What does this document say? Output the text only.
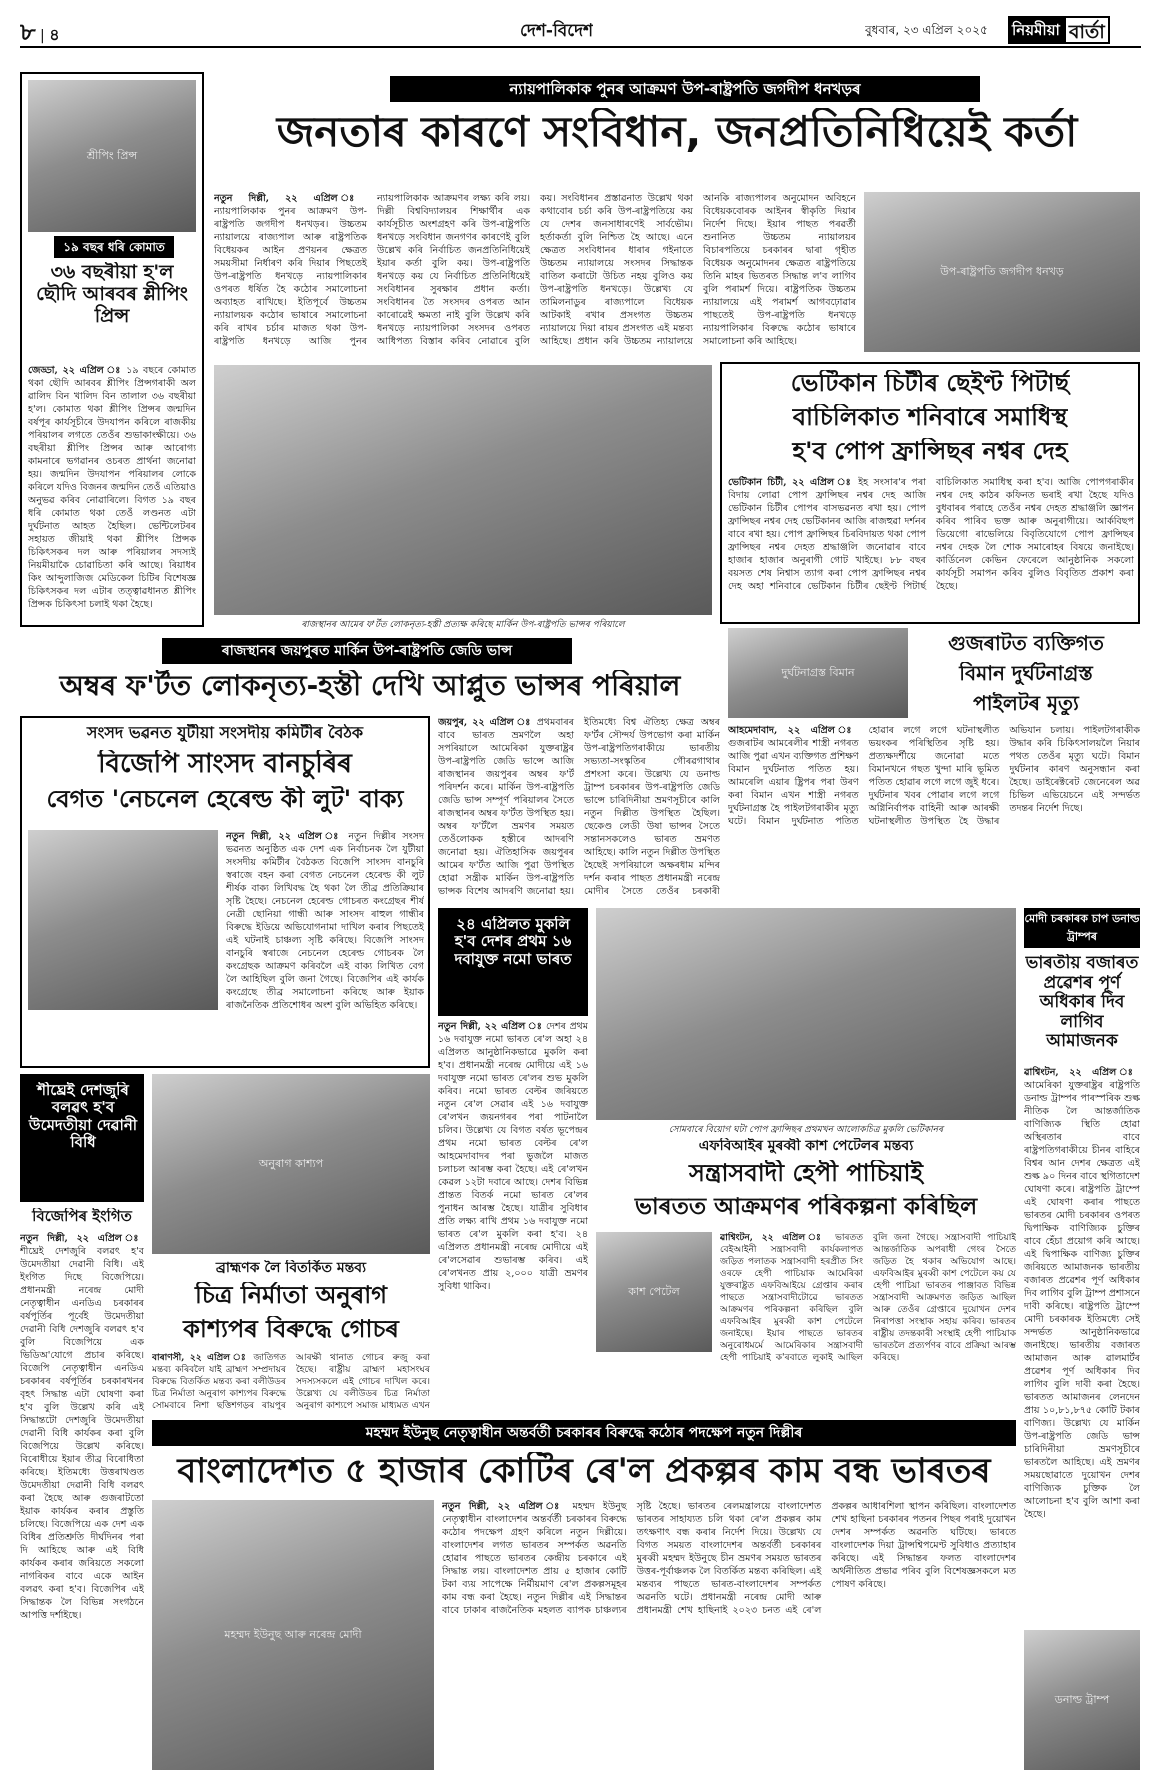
৮ | ৪	দেশ-বিদেশ	বুধবাৰ, ২৩ এপ্ৰিল ২০২৫ নিয়মীয়া বাৰ্তা
শ্ৰীপিং প্ৰিন্স
১৯ বছৰ ধৰি কোমাত
৩৬ বছৰীয়া হ'ল ছৌদি আৰবৰ শ্লীপিং প্ৰিন্স
জেড্ডা, ২২ এপ্ৰিল ঃ ১৯ বছৰে কোমাত থকা ছৌদি আৰবৰ শ্লীপিং প্ৰিন্সগৰাকী অল ৱালিদ বিন খালিদ বিন তালাল ৩৬ বছৰীয়া হ'ল। কোমাত থকা শ্লীপিং প্ৰিন্সৰ জন্মদিন বৰ্ষপূৰ কাৰ্যসূচীৰে উদযাপন কৰিলে ৰাজকীয় পৰিয়ালৰ লগতে তেওঁৰ শুভাকাংক্ষীয়ে। ৩৬ বছৰীয়া শ্লীপিং প্ৰিন্সৰ আৰু আৰোগ্য কামনাৰে ভগৱানৰ ওচৰত প্ৰাৰ্থনা জনোৱা হয়। জন্মদিন উদযাপন পৰিয়ালৰ লোকে কৰিলে যদিও বিজনৰ জন্মদিন তেওঁ এতিয়াও অনুভৱ কৰিব নোৱাৰিলে। বিগত ১৯ বছৰ ধৰি কোমাত থকা তেওঁ লণ্ডনত এটা দুৰ্ঘটনাত আহত হৈছিল। ভেন্টিলেটৰৰ সহায়ত জীয়াই থকা শ্লীপিং প্ৰিন্সক চিকিৎসকৰ দল আৰু পৰিয়ালৰ সদস্যই নিয়মীয়াকৈ চোৱাচিতা কৰি আছে। ৰিয়াধৰ কিং আব্দুলাজিজ মেডিকেল চিটিৰ বিশেষজ্ঞ চিকিৎসকৰ দল এটাৰ তত্ত্বাৱধানত শ্লীপিং প্ৰিন্সক চিকিৎসা চলাই থকা হৈছে।
ন্যায়পালিকাক পুনৰ আক্ৰমণ উপ-ৰাষ্ট্ৰপতি জগদীপ ধনখড়ৰ
জনতাৰ কাৰণে সংবিধান, জনপ্ৰতিনিধিয়েই কৰ্তা
নতুন দিল্লী, ২২ এপ্ৰিল ঃ ন্যায়পালিকাক পুনৰ আক্ৰমণ উপ-ৰাষ্ট্ৰপতি জগদীপ ধনখড়ৰ। উচ্চতম ন্যায়ালয়ে ৰাজ্যপাল আৰু ৰাষ্ট্ৰপতিক বিধেয়কৰ আইন প্ৰণয়নৰ ক্ষেত্ৰত সময়সীমা নিৰ্ধাৰণ কৰি দিয়াৰ পিছতেই উপ-ৰাষ্ট্ৰপতি ধনখড়ে ন্যায়পালিকাৰ ওপৰত ধৰ্ষিত হৈ কঠোৰ সমালোচনা অব্যাহত ৰাখিছে। ইতিপূৰ্বে উচ্চতম ন্যায়ালয়ক কঠোৰ ভাষাৰে সমালোচনা কৰি ৰাখৰ চৰ্চাৰ মাজত থকা উপ-ৰাষ্ট্ৰপতি ধনখড়ে আজি পুনৰ ন্যায়পালিকাক আক্ৰমণৰ লক্ষ্য কৰি লয়। দিল্লী বিশ্ববিদ্যালয়ৰ শিক্ষাৰ্থীৰ এক কাৰ্যসূচীত অংশগ্ৰহণ কৰি উপ-ৰাষ্ট্ৰপতি ধনখড়ে সংবিধান জনগণৰ কাৰণেই বুলি উল্লেখ কৰি নিৰ্বাচিত জনপ্ৰতিনিধিয়েই ইয়াৰ কৰ্তা বুলি কয়। উপ-ৰাষ্ট্ৰপতি ধনখড়ে কয় যে নিৰ্বাচিত প্ৰতিনিধিয়েই সংবিধানৰ সুৰক্ষাৰ প্ৰধান কৰ্তা। সংবিধানৰ তৈ সংসদৰ ওপৰত আন কাৰোৱেই ক্ষমতা নাই বুলি উল্লেখ কৰি ধনখড়ে ন্যায়পালিকা সংসদৰ ওপৰত আধিপত্য বিস্তাৰ কৰিব নোৱাৰে বুলি কয়। সংবিধানৰ প্ৰস্তাৱনাত উল্লেখ থকা কথাবোৰ চৰ্চা কৰি উপ-ৰাষ্ট্ৰপতিয়ে কয় যে দেশৰ জনসাধাৰণেই সাৰ্বভৌম। হৰ্তাকৰ্তা বুলি নিশ্চিত হৈ আছে। এনে ক্ষেত্ৰত সংবিধানৰ ধাৰাৰ গইনাতে উচ্চতম ন্যায়ালয়ে সংসদৰ সিদ্ধান্তক বাতিল কৰাটো উচিত নহয় বুলিও কয় উপ-ৰাষ্ট্ৰপতি ধনখড়ে। উল্লেখ্য যে তামিলনাডুৰ ৰাজ্যপালে বিধেয়ক আটকাই ৰখাৰ প্ৰসংগত উচ্চতম ন্যায়ালয়ে দিয়া ৰায়ৰ প্ৰসংগত এই মন্তব্য আহিছে। প্ৰধান কৰি উচ্চতম ন্যায়ালয়ে আনকি ৰাজ্যপালৰ অনুমোদন অবিহনে বিধেয়কবোৰক আইনৰ স্বীকৃতি দিয়াৰ নিৰ্দেশ দিছে। ইয়াৰ পাছত পৰৱৰ্তী শুনানিত উচ্চতম ন্যায়ালয়ৰ বিচাৰপতিয়ে চৰকাৰৰ দ্বাৰা গৃহীত বিধেয়ক অনুমোদনৰ ক্ষেত্ৰত ৰাষ্ট্ৰপতিয়ে তিনি মাহৰ ভিতৰত সিদ্ধান্ত ল'ব লাগিব বুলি পৰামৰ্শ দিয়ে। ৰাষ্ট্ৰপতিক উচ্চতম ন্যায়ালয়ে এই পৰামৰ্শ আগবঢ়োৱাৰ পাছতেই উপ-ৰাষ্ট্ৰপতি ধনখড়ে ন্যায়পালিকাৰ বিৰুদ্ধে কঠোৰ ভাষাৰে সমালোচনা কৰি আহিছে।
উপ-ৰাষ্ট্ৰপতি জগদীপ ধনখড়
ৰাজস্থানৰ আমেৰ ফ'ৰ্টত লোকনৃত্য-হস্তী প্ৰত্যক্ষ কৰিছে মাৰ্কিন উপ-ৰাষ্ট্ৰপতি ভান্সৰ পৰিয়ালে
ভেটিকান চিটীৰ ছেইণ্ট পিটাৰ্ছ
বাচিলিকাত শনিবাৰে সমাধিস্থ
হ'ব পোপ ফ্ৰান্সিছৰ নশ্বৰ দেহ
ভেটিকান চিটী, ২২ এপ্ৰিল ঃ ইহ সংসাৰ'ৰ পৰা বিদায় লোৱা পোপ ফ্ৰান্সিছৰ নশ্বৰ দেহ আজি ভেটিকান চিটীৰ পোপৰ বাসভৱনত ৰখা হয়। পোপ ফ্ৰান্সিছৰ নশ্বৰ দেহ ভেটিকানৰ আজি ৰাজহুৱা দৰ্শনৰ বাবে ৰখা হয়। পোপ ফ্ৰান্সিছৰ চিৰবিদায়ত থকা পোপ ফ্ৰান্সিছৰ নশ্বৰ দেহত শ্ৰদ্ধাঞ্জলি জনোৱাৰ বাবে হাজাৰ হাজাৰ অনুৰাগী গোট খাইছে। ৮৮ বছৰ বয়সত শেষ নিশ্বাস ত্যাগ কৰা পোপ ফ্ৰান্সিছৰ নশ্বৰ দেহ অহা শনিবাৰে ভেটিকান চিটীৰ ছেইণ্ট পিটাৰ্ছ বাচিলিকাত সমাধিস্থ কৰা হ'ব। আজি পোপগৰাকীৰ নশ্বৰ দেহ কাঠৰ কফিনত ভৰাই ৰখা হৈছে যদিও বুধবাৰৰ পৰাহে তেওঁৰ নশ্বৰ দেহত শ্ৰদ্ধাঞ্জলি জ্ঞাপন কৰিব পাৰিব ভক্ত আৰু অনুৰাগীয়ে। আৰ্কবিছপ ডিয়েগো ৰাভেলিয়ে বিবৃতিযোগে পোপ ফ্ৰান্সিছৰ নশ্বৰ দেহক লৈ শোক সমাৰোহৰ বিষয়ে জনাইছে। কাৰ্ডিনেল কেভিন ফেৰেলে আনুষ্ঠানিক সকলো কাৰ্যসূচী সমাপন কৰিব বুলিও বিবৃতিত প্ৰকাশ কৰা হৈছে।
ৰাজস্থানৰ জয়পুৰত মাৰ্কিন উপ-ৰাষ্ট্ৰপতি জেডি ভান্স
অম্বৰ ফ'ৰ্টত লোকনৃত্য-হস্তী দেখি আপ্লুত ভান্সৰ পৰিয়াল	দুৰ্ঘটনাগ্ৰস্ত বিমান
গুজৰাটত ব্যক্তিগত
বিমান দুৰ্ঘটনাগ্ৰস্ত
পাইলটৰ মৃত্যু
আহমেদাবাদ, ২২ এপ্ৰিল ঃ গুজৰাটৰ আমৰেলীৰ শাস্ত্ৰী নগৰত আজি পুৱা এখন ব্যক্তিগত প্ৰশিক্ষণ বিমান দুৰ্ঘটনাত পতিত হয়। আমৰেলি এয়াৰ ষ্ট্ৰিপৰ পৰা উৰণ কৰা বিমান এখন শাস্ত্ৰী নগৰত দুৰ্ঘটনাগ্ৰস্ত হৈ পাইলটগৰাকীৰ মৃত্যু ঘটে। বিমান দুৰ্ঘটনাত পতিত হোৱাৰ লগে লগে ঘটনাস্থলীত ভয়ংকৰ পৰিস্থিতিৰ সৃষ্টি হয়। প্ৰত্যক্ষদৰ্শীয়ে জনোৱা মতে বিমানখনে গছত খুন্দা মাৰি ভূমিত পতিত হোৱাৰ লগে লগে জুই ধৰে। দুৰ্ঘটনাৰ খবৰ পোৱাৰ লগে লগে অগ্নিনিৰ্বাপক বাহিনী আৰু আৰক্ষী ঘটনাস্থলীত উপস্থিত হৈ উদ্ধাৰ অভিযান চলায়। পাইলটগৰাকীক উদ্ধাৰ কৰি চিকিৎসালয়লৈ নিয়াৰ পথত তেওঁৰ মৃত্যু ঘটে। বিমান দুৰ্ঘটনাৰ কাৰণ অনুসন্ধান কৰা হৈছে। ডাইৰেক্টৰেট জেনেৰেল অৱ চিভিল এভিয়েচনে এই সন্দৰ্ভত তদন্তৰ নিৰ্দেশ দিছে।
সংসদ ভৱনত যুটীয়া সংসদীয় কমিটীৰ বৈঠক
বিজেপি সাংসদ বানচুৰিৰ
বেগত 'নেচনেল হেৰেল্ড কী লুট' বাক্য
নতুন দিল্লী, ২২ এপ্ৰিল ঃ নতুন দিল্লীৰ সংসদ ভৱনত অনুষ্ঠিত এক দেশ এক নিৰ্বাচনক লৈ যুটীয়া সংসদীয় কমিটীৰ বৈঠকত বিজেপি সাংসদ বানচুৰি স্বৰাজে বহন কৰা বেগত নেচনেল হেৰেল্ড কী লুট শীৰ্ষক বাক্য লিখিবদ্ধ হৈ থকা লৈ তীব্ৰ প্ৰতিক্ৰিয়াৰ সৃষ্টি হৈছে। নেচনেল হেৰেল্ড গোচৰত কংগ্ৰেছৰ শীৰ্ষ নেত্ৰী ছোনিয়া গান্ধী আৰু সাংসদ ৰাহুল গান্ধীৰ বিৰুদ্ধে ইডিয়ে অভিযোগনামা দাখিল কৰাৰ পিছতেই এই ঘটনাই চাঞ্চল্য সৃষ্টি কৰিছে। বিজেপি সাংসদ বানচুৰি স্বৰাজে নেচনেল হেৰেল্ড গোচৰক লৈ কংগ্ৰেছক আক্ৰমণ কৰিবলৈ এই বাক্য লিখিত বেগ লৈ আহিছিল বুলি জনা গৈছে। বিজেপিৰ এই কাৰ্যক কংগ্ৰেছে তীব্ৰ সমালোচনা কৰিছে আৰু ইয়াক ৰাজনৈতিক প্ৰতিশোধৰ অংশ বুলি অভিহিত কৰিছে।
জয়পুৰ, ২২ এপ্ৰিল ঃ প্ৰথমবাৰৰ বাবে ভাৰত ভ্ৰমণলৈ অহা সপৰিয়ালে আমেৰিকা যুক্তৰাষ্ট্ৰৰ উপ-ৰাষ্ট্ৰপতি জেডি ভান্সে আজি ৰাজস্থানৰ জয়পুৰৰ অম্বৰ ফ'ৰ্ট পৰিদৰ্শন কৰে। মাৰ্কিন উপ-ৰাষ্ট্ৰপতি জেডি ভান্স সম্পূৰ্ণ পৰিয়ালৰ সৈতে ৰাজস্থানৰ অম্বৰ ফ'ৰ্টত উপস্থিত হয়। অম্বৰ ফ'ৰ্টলৈ ভ্ৰমণৰ সময়ত তেওঁলোকক হস্তীৰে আদৰণি জনোৱা হয়। ঐতিহাসিক জয়পুৰৰ আমেৰ ফ'ৰ্টত আজি পুৱা উপস্থিত হোৱা সন্ত্ৰীক মাৰ্কিন উপ-ৰাষ্ট্ৰপতি ভান্সক বিশেষ আদৰণি জনোৱা হয়। ইতিমধ্যে বিশ্ব ঐতিহ্য ক্ষেত্ৰ অম্বৰ ফ'ৰ্টৰ সৌন্দৰ্য উপভোগ কৰা মাৰ্কিন উপ-ৰাষ্ট্ৰপতিগৰাকীয়ে ভাৰতীয় সভ্যতা-সংস্কৃতিৰ গৌৰৱগাথাৰ প্ৰশংসা কৰে। উল্লেখ্য যে ডনাল্ড ট্ৰাম্প চৰকাৰৰ উপ-ৰাষ্ট্ৰপতি জেডি ভান্সে চাৰিদিনীয়া ভ্ৰমণসূচীৰে কালি নতুন দিল্লীত উপস্থিত হৈছিল। ছেকেণ্ড লেডী উষা ভান্সৰ সৈতে সন্তানসকলেও ভাৰত ভ্ৰমণত আহিছে। কালি নতুন দিল্লীত উপস্থিত হৈছেই সপৰিয়ালে অক্ষৰধাম মন্দিৰ দৰ্শন কৰাৰ পাছত প্ৰধানমন্ত্ৰী নৰেন্দ্ৰ মোদীৰ সৈতে তেওঁৰ চৰকাৰী
২৪ এপ্ৰিলত মুকলি হ'ব দেশৰ প্ৰথম ১৬ দবাযুক্ত নমো ভাৰত
নতুন দিল্লী, ২২ এপ্ৰিল ঃ দেশৰ প্ৰথম ১৬ দবাযুক্ত নমো ভাৰত ৰে'ল অহা ২৪ এপ্ৰিলত আনুষ্ঠানিকভাৱে মুকলি কৰা হ'ব। প্ৰধানমন্ত্ৰী নৰেন্দ্ৰ মোদীয়ে এই ১৬ দবাযুক্ত নমো ভাৰত ৰে'লৰ শুভ মুকলি কৰিব। নমো ভাৰত বেল্টৰ জৰিয়তে নতুন ৰে'ল সেৱাৰ এই ১৬ দবাযুক্ত ৰে'লখন জয়নগৰৰ পৰা পাটনালৈ চলিব। উল্লেখ্য যে বিগত বৰ্ষত ভূপেন্দ্ৰৰ প্ৰথম নমো ভাৰত বেল্টৰ ৰে'ল আহমেদাবাদৰ পৰা ভুজলৈ মাজত চলাচল আৰম্ভ কৰা হৈছে। এই ৰে'লখন কেৱল ১২টা দবাৰে আছে। দেশৰ বিভিন্ন প্ৰান্তত বিতৰ্ক নমো ভাৰত ৰে'লৰ পুনাধন আৰম্ভ হৈছে। যাত্ৰীৰ সুবিধাৰ প্ৰতি লক্ষ্য ৰাখি প্ৰথম ১৬ দবাযুক্ত নমো ভাৰত ৰে'ল মুকলি কৰা হ'ব। ২৪ এপ্ৰিলত প্ৰধানমন্ত্ৰী নৰেন্দ্ৰ মোদীয়ে এই ৰে'লসেৱাৰ শুভাৰম্ভ কৰিব। এই ৰে'লখনত প্ৰায় ২,০০০ যাত্ৰী ভ্ৰমণৰ সুবিধা থাকিব।
সোমবাৰে বিয়োগ ঘটা পোপ ফ্ৰান্সিছৰ প্ৰথমখন আলোকচিত্ৰ মুকলি ভেটিকানৰ
মোদী চৰকাৰক চাপ ডনাল্ড ট্ৰাম্পৰ
ভাৰতীয় বজাৰত প্ৰৱেশৰ পূৰ্ণ অধিকাৰ দিব লাগিব আমাজনক
ৱাশ্বিংটন, ২২ এপ্ৰিল ঃ আমেৰিকা যুক্তৰাষ্ট্ৰৰ ৰাষ্ট্ৰপতি ডনাল্ড ট্ৰাম্পৰ পাৰস্পৰিক শুল্ক নীতিক লৈ আন্তৰ্জাতিক বাণিজ্যিক স্থিতি হোৱা অস্থিৰতাৰ বাবে ৰাষ্ট্ৰপতিগৰাকীয়ে চীনৰ বাহিৰে বিশ্বৰ আন দেশৰ ক্ষেত্ৰত এই শুল্ক ৯০ দিনৰ বাবে স্থগিতাদেশ ঘোষণা কৰে। ৰাষ্ট্ৰপতি ট্ৰাম্পে এই ঘোষণা কৰাৰ পাছতে ভাৰতৰ মোদী চৰকাৰৰ ওপৰত দ্বিপাক্ষিক বাণিজ্যিক চুক্তিৰ বাবে হেঁচা প্ৰয়োগ কৰি আছে। এই দ্বিপাক্ষিক বাণিজ্য চুক্তিৰ জৰিয়তে আমাজনক ভাৰতীয় বজাৰত প্ৰৱেশৰ পূৰ্ণ অধিকাৰ দিব লাগিব বুলি ট্ৰাম্প প্ৰশাসনে দাবী কৰিছে। ৰাষ্ট্ৰপতি ট্ৰাম্পে মোদী চৰকাৰক ইতিমধ্যে সেই সন্দৰ্ভত আনুষ্ঠানিকভাৱে জনাইছে। ভাৰতীয় বজাৰত আমাজন আৰু ৱালমাৰ্টৰ প্ৰৱেশৰ পূৰ্ণ অধিকাৰ দিব লাগিব বুলি দাবী কৰা হৈছে। ভাৰতত আমাজনৰ লেনদেন প্ৰায় ১০,৮১,৮৭৫ কোটি টকাৰ বাণিজ্য। উল্লেখ্য যে মাৰ্কিন উপ-ৰাষ্ট্ৰপতি জেডি ভান্স চাৰিদিনীয়া ভ্ৰমণসূচীৰে ভাৰতলৈ আহিছে। এই ভ্ৰমণৰ সময়ছোৱাতে দুয়োখন দেশৰ বাণিজ্যিক চুক্তিক লৈ আলোচনা হ'ব বুলি আশা কৰা হৈছে।
ডনাল্ড ট্ৰাম্প
শীঘ্ৰেই দেশজুৰি বলৱৎ হ'ব উমেদতীয়া দেৱানী বিধি
বিজেপিৰ ইংগিত
নতুন দিল্লী, ২২ এপ্ৰিল ঃ শীঘ্ৰেই দেশজুৰি বলৱৎ হ'ব উমেদতীয়া দেৱানী বিধি। এই ইংগিত দিছে বিজেপিয়ে। প্ৰধানমন্ত্ৰী নৰেন্দ্ৰ মোদী নেতৃত্বাধীন এনডিএ চৰকাৰৰ বৰ্ষপূৰ্তিৰ পূৰ্বেই উমেদতীয়া দেৱানী বিধি দেশজুৰি বলৱৎ হ'ব বুলি বিজেপিয়ে এক ভিডিঅ'যোগে প্ৰচাৰ কৰিছে। বিজেপি নেতৃত্বাধীন এনডিএ চৰকাৰৰ বৰ্ষপূৰ্তিৰ চৰকাৰখনৰ বৃহৎ সিদ্ধান্ত এটা ঘোষণা কৰা হ'ব বুলি উল্লেখ কৰি এই সিদ্ধান্তটো দেশজুৰি উমেদতীয়া দেৱানী বিধি কাৰ্যকৰ কৰা বুলি বিজেপিয়ে উল্লেখ কৰিছে। বিৰোধীয়ে ইয়াৰ তীব্ৰ বিৰোধিতা কৰিছে। ইতিমধ্যে উত্তৰাখণ্ডত উমেদতীয়া দেৱানী বিধি বলৱৎ কৰা হৈছে আৰু গুজৰাটতো ইয়াক কাৰ্যকৰ কৰাৰ প্ৰস্তুতি চলিছে। বিজেপিয়ে এক দেশ এক বিধিৰ প্ৰতিশ্ৰুতি দীৰ্ঘদিনৰ পৰা দি আহিছে আৰু এই বিধি কাৰ্যকৰ কৰাৰ জৰিয়তে সকলো নাগৰিকৰ বাবে একে আইন বলৱৎ কৰা হ'ব। বিজেপিৰ এই সিদ্ধান্তক লৈ বিভিন্ন সংগঠনে আপত্তি দৰ্শাইছে।
অনুৰাগ কাশ্যপ
ব্ৰাহ্মণক লৈ বিতৰ্কিত মন্তব্য
চিত্ৰ নিৰ্মাতা অনুৰাগ
কাশ্যপৰ বিৰুদ্ধে গোচৰ
বাৰাণসী, ২২ এপ্ৰিল ঃ জাতিগত মন্তব্য কৰিবলৈ যাই ব্ৰাহ্মণ সম্প্ৰদায়ৰ বিৰুদ্ধে বিতৰ্কিত মন্তব্য কৰা বলীউডৰ চিত্ৰ নিৰ্মাতা অনুৰাগ কাশ্যপৰ বিৰুদ্ধে সোমবাৰে নিশা ছত্তিশগড়ৰ ৰায়পুৰ আৰক্ষী থানাত গোচৰ ৰুজু কৰা হৈছে। ৰাষ্ট্ৰীয় ব্ৰাহ্মণ মহাসংঘৰ সদস্যসকলে এই গোচৰ দাখিল কৰে। উল্লেখ্য যে বলীউডৰ চিত্ৰ নিৰ্মাতা অনুৰাগ কাশ্যপে সমাজ মাধ্যমত এখন
এফবিআইৰ মুৰব্বী কাশ পেটেলৰ মন্তব্য
সন্ত্ৰাসবাদী হেপী পাচিয়াই
ভাৰতত আক্ৰমণৰ পৰিকল্পনা কৰিছিল
কাশ পেটেল
ৱাশ্বিংটন, ২২ এপ্ৰিল ঃ ভাৰতত বেইআইনী সন্ত্ৰাসবাদী কাৰ্যকলাপত জড়িত পলাতক সন্ত্ৰাসবাদী হৰপ্ৰীত সিং ওৰফে হেপী পাচিয়াক আমেৰিকা যুক্তৰাষ্ট্ৰত এফবিআইয়ে গ্ৰেপ্তাৰ কৰাৰ পাছতে সন্ত্ৰাসবাদীটোৱে ভাৰতত আক্ৰমণৰ পৰিকল্পনা কৰিছিল বুলি এফবিআইৰ মুৰব্বী কাশ পেটেলে জনাইছে। ইয়াৰ পাছতে ভাৰতৰ অনুৰোধমৰ্মে আমেৰিকাৰ সন্ত্ৰাসবাদী হেপী পাচিয়াই ক'ৰবাতে লুকাই আছিল বুলি জনা গৈছে। সন্ত্ৰাসবাদী পাচিয়াই আন্তৰ্জাতিক অপৰাধী গেংৰ সৈতে জড়িত হৈ থকাৰ অভিযোগ আছে। এফবিআইৰ মুৰব্বী কাশ পেটেলে কয় যে হেপী পাচিয়া ভাৰতৰ পাঞ্জাবত বিভিন্ন সন্ত্ৰাসবাদী আক্ৰমণত জড়িত আছিল আৰু তেওঁৰ গ্ৰেপ্তাৰে দুয়োখন দেশৰ নিৰাপত্তা সংস্থাক সহায় কৰিব। ভাৰতৰ ৰাষ্ট্ৰীয় তদন্তকাৰী সংস্থাই হেপী পাচিয়াক ভাৰতলৈ প্ৰত্যৰ্পণৰ বাবে প্ৰক্ৰিয়া আৰম্ভ কৰিছে।
মহম্মদ ইউনুছ নেতৃত্বাধীন অন্তৰ্বৰ্তী চৰকাৰৰ বিৰুদ্ধে কঠোৰ পদক্ষেপ নতুন দিল্লীৰ
বাংলাদেশত ৫ হাজাৰ কোটিৰ ৰে'ল প্ৰকল্পৰ কাম বন্ধ ভাৰতৰ
মহম্মদ ইউনুছ আৰু নৰেন্দ্ৰ মোদী
নতুন দিল্লী, ২২ এপ্ৰিল ঃ মহম্মদ ইউনুছ নেতৃত্বাধীন বাংলাদেশৰ অন্তৰ্বৰ্তী চৰকাৰৰ বিৰুদ্ধে কঠোৰ পদক্ষেপ গ্ৰহণ কৰিলে নতুন দিল্লীয়ে। বাংলাদেশৰ লগত ভাৰতৰ সম্পৰ্কত অৱনতি হোৱাৰ পাছতে ভাৰতৰ কেন্দ্ৰীয় চৰকাৰে এই সিদ্ধান্ত লয়। বাংলাদেশত প্ৰায় ৫ হাজাৰ কোটি টকা ব্যয় সাপেক্ষে নিৰ্মীয়মাণ ৰে'ল প্ৰকল্পসমূহৰ কাম বন্ধ কৰা হৈছে। নতুন দিল্লীৰ এই সিদ্ধান্তৰ বাবে ঢাকাৰ ৰাজনৈতিক মহলত ব্যাপক চাঞ্চল্যৰ সৃষ্টি হৈছে। ভাৰতৰ ৰেলমন্ত্ৰালয়ে বাংলাদেশত ভাৰতৰ সাহায্যত চলি থকা ৰে'ল প্ৰকল্পৰ কাম তৎক্ষণাৎ বন্ধ কৰাৰ নিৰ্দেশ দিয়ে। উল্লেখ্য যে বিগত সময়ত বাংলাদেশৰ অন্তৰ্বৰ্তী চৰকাৰৰ মুৰব্বী মহম্মদ ইউনুছে চীন ভ্ৰমণৰ সময়ত ভাৰতৰ উত্তৰ-পূৰ্বাঞ্চলক লৈ বিতৰ্কিত মন্তব্য কৰিছিল। এই মন্তব্যৰ পাছতে ভাৰত-বাংলাদেশৰ সম্পৰ্কত অৱনতি ঘটে। প্ৰধানমন্ত্ৰী নৰেন্দ্ৰ মোদী আৰু প্ৰধানমন্ত্ৰী শেখ হাছিনাই ২০২৩ চনত এই ৰে'ল প্ৰকল্পৰ আধাৰশিলা স্থাপন কৰিছিল। বাংলাদেশত শেখ হাছিনা চৰকাৰৰ পতনৰ পিছৰ পৰাই দুয়োখন দেশৰ সম্পৰ্কত অৱনতি ঘটিছে। ভাৰতে বাংলাদেশক দিয়া ট্ৰান্সশ্বিপমেণ্ট সুবিধাও প্ৰত্যাহাৰ কৰিছে। এই সিদ্ধান্তৰ ফলত বাংলাদেশৰ অৰ্থনীতিত প্ৰভাৱ পৰিব বুলি বিশেষজ্ঞসকলে মত পোষণ কৰিছে।
